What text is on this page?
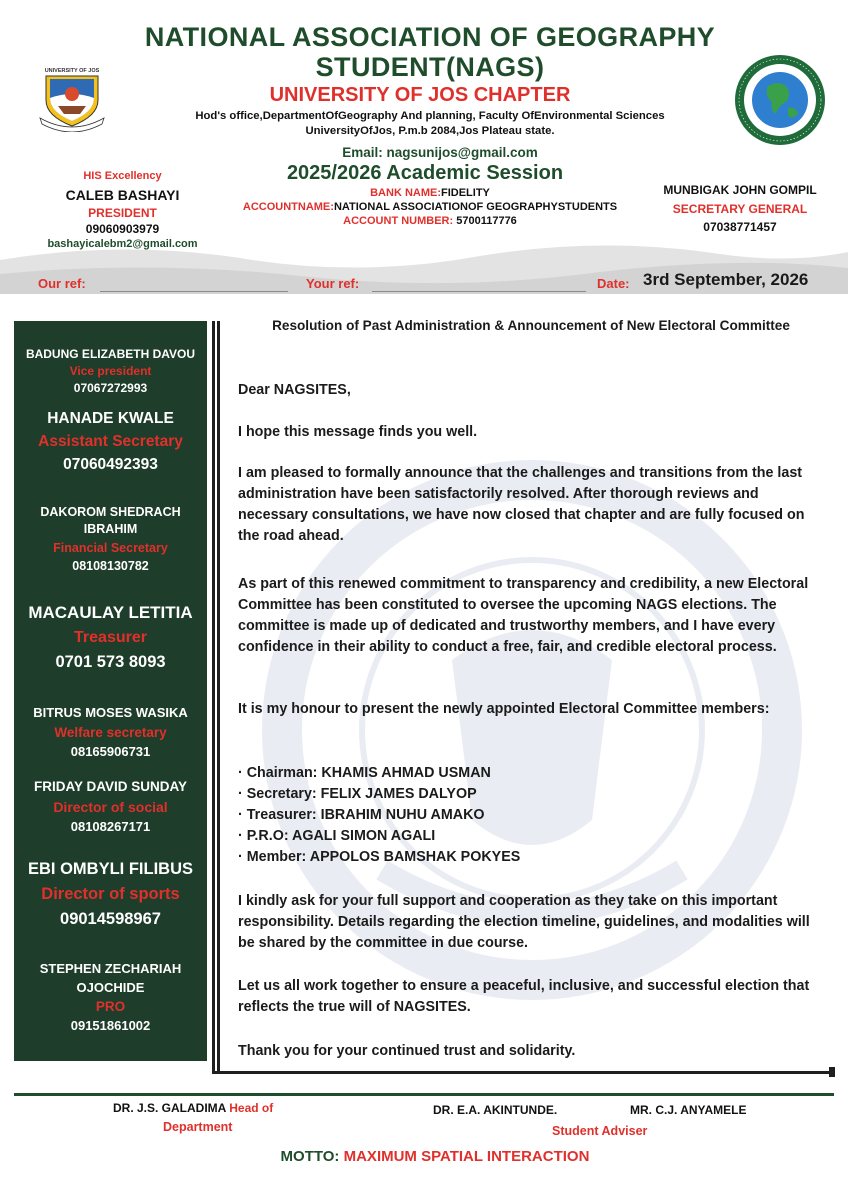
NATIONAL ASSOCIATION OF GEOGRAPHY STUDENT(NAGS)
UNIVERSITY OF JOS CHAPTER
Hod's office,DepartmentOfGeography And planning, Faculty OfEnvironmental Sciences
UniversityOfJos, P.m.b 2084,Jos Plateau state.
Email: nagsunijos@gmail.com
2025/2026 Academic Session
BANK NAME:FIDELITY
ACCOUNTNAME:NATIONAL ASSOCIATIONOF GEOGRAPHYSTUDENTS
ACCOUNT NUMBER: 5700117776
UNIVERSITY OF JOS
HIS Excellency
CALEB BASHAYI
PRESIDENT
09060903979
bashayicalebm2@gmail.com
MUNBIGAK JOHN GOMPIL
SECRETARY GENERAL
07038771457
Our ref:	Your ref:	Date: 3rd September, 2026
BADUNG ELIZABETH DAVOU
Vice president
07067272993
HANADE KWALE
Assistant Secretary
07060492393
DAKOROM SHEDRACH
IBRAHIM
Financial Secretary
08108130782
MACAULAY LETITIA
Treasurer
0701 573 8093
BITRUS MOSES WASIKA
Welfare secretary
08165906731
FRIDAY DAVID SUNDAY
Director of social
08108267171
EBI OMBYLI FILIBUS
Director of sports
09014598967
STEPHEN ZECHARIAH
OJOCHIDE
PRO
09151861002
Resolution of Past Administration & Announcement of New Electoral Committee
Dear NAGSITES,
I hope this message finds you well.
I am pleased to formally announce that the challenges and transitions from the last administration have been satisfactorily resolved. After thorough reviews and necessary consultations, we have now closed that chapter and are fully focused on the road ahead.
As part of this renewed commitment to transparency and credibility, a new Electoral Committee has been constituted to oversee the upcoming NAGS elections. The committee is made up of dedicated and trustworthy members, and I have every confidence in their ability to conduct a free, fair, and credible electoral process.
It is my honour to present the newly appointed Electoral Committee members:
· Chairman: KHAMIS AHMAD USMAN
· Secretary: FELIX JAMES DALYOP
· Treasurer: IBRAHIM NUHU AMAKO
· P.R.O: AGALI SIMON AGALI
· Member: APPOLOS BAMSHAK POKYES
I kindly ask for your full support and cooperation as they take on this important responsibility. Details regarding the election timeline, guidelines, and modalities will be shared by the committee in due course.
Let us all work together to ensure a peaceful, inclusive, and successful election that reflects the true will of NAGSITES.
Thank you for your continued trust and solidarity.
DR. J.S. GALADIMA Head of
Department
DR. E.A. AKINTUNDE.	MR. C.J. ANYAMELE
Student Adviser
MOTTO: MAXIMUM SPATIAL INTERACTION
